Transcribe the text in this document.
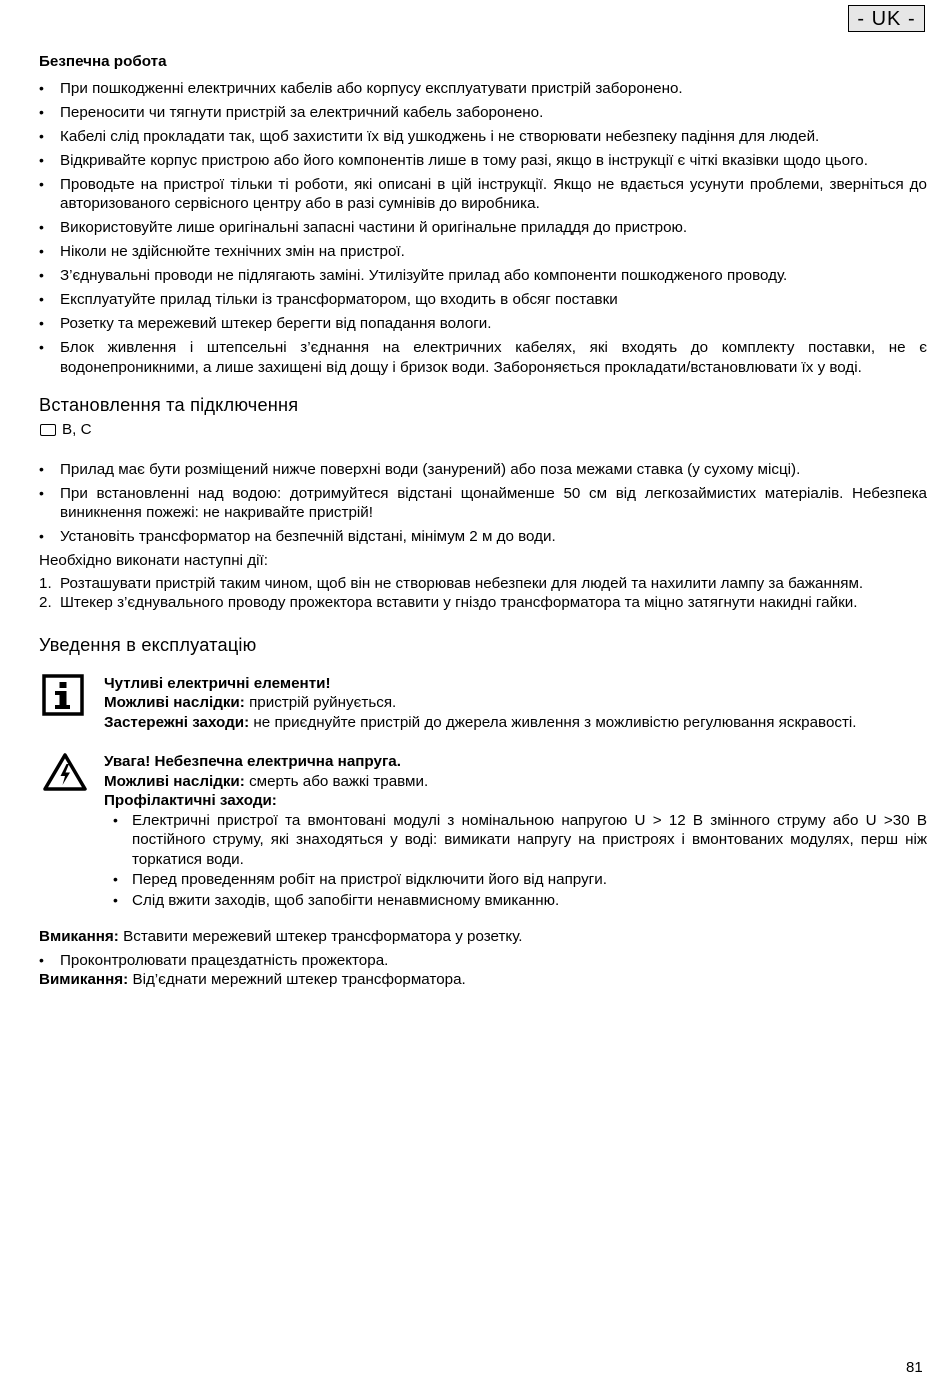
- UK -
Безпечна робота
• При пошкодженні електричних кабелів або корпусу експлуатувати пристрій заборонено.
• Переносити чи тягнути пристрій за електричний кабель заборонено.
• Кабелі слід прокладати так, щоб захистити їх від ушкоджень і не створювати небезпеку падіння для людей.
• Відкривайте корпус пристрою або його компонентів лише в тому разі, якщо в інструкції є чіткі вказівки щодо цього.
• Проводьте на пристрої тільки ті роботи, які описані в цій інструкції. Якщо не вдається усунути проблеми, зверніться до авторизованого сервісного центру або в разі сумнівів до виробника.
• Використовуйте лише оригінальні запасні частини й оригінальне приладдя до пристрою.
• Ніколи не здійснюйте технічних змін на пристрої.
• З’єднувальні проводи не підлягають заміні. Утилізуйте прилад або компоненти пошкодженого проводу.
• Експлуатуйте прилад тільки із трансформатором, що входить в обсяг поставки
• Розетку та мережевий штекер берегти від попадання вологи.
• Блок живлення і штепсельні з’єднання на електричних кабелях, які входять до комплекту поставки, не є водонепроникними, а лише захищені від дощу і бризок води. Забороняється прокладати/встановлювати їх у воді.
Встановлення та підключення
B, C
• Прилад має бути розміщений нижче поверхні води (занурений) або поза межами ставка (у сухому місці).
• При встановленні над водою: дотримуйтеся відстані щонайменше 50 см від легкозаймистих матеріалів. Небезпека виникнення пожежі: не накривайте пристрій!
• Установіть трансформатор на безпечній відстані, мінімум 2 м до води.

Необхідно виконати наступні дії:

1. Розташувати пристрій таким чином, щоб він не створював небезпеки для людей та нахилити лампу за бажанням.
2. Штекер з’єднувального проводу прожектора вставити у гніздо трансформатора та міцно затягнути накидні гайки.
Уведення в експлуатацію

Чутливі електричні елементи!

Можливі наслідки: пристрій руйнується.

Застережні заходи: не приєднуйте пристрій до джерела живлення з можливістю регулювання яскравості.

Увага! Небезпечна електрична напруга.

Можливі наслідки: смерть або важкі травми.

Профілактичні заходи:

• Електричні пристрої та вмонтовані модулі з номінальною напругою U > 12 В змінного струму або U >30 В постійного струму, які знаходяться у воді: вимикати напругу на пристроях і вмонтованих модулях, перш ніж торкатися води.
• Перед проведенням робіт на пристрої відключити його від напруги.
• Слід вжити заходів, щоб запобігти ненавмисному вмиканню.

Вмикання: Вставити мережевий штекер трансформатора у розетку.

• Проконтролювати працездатність прожектора.

Вимикання: Від’єднати мережний штекер трансформатора.

81
